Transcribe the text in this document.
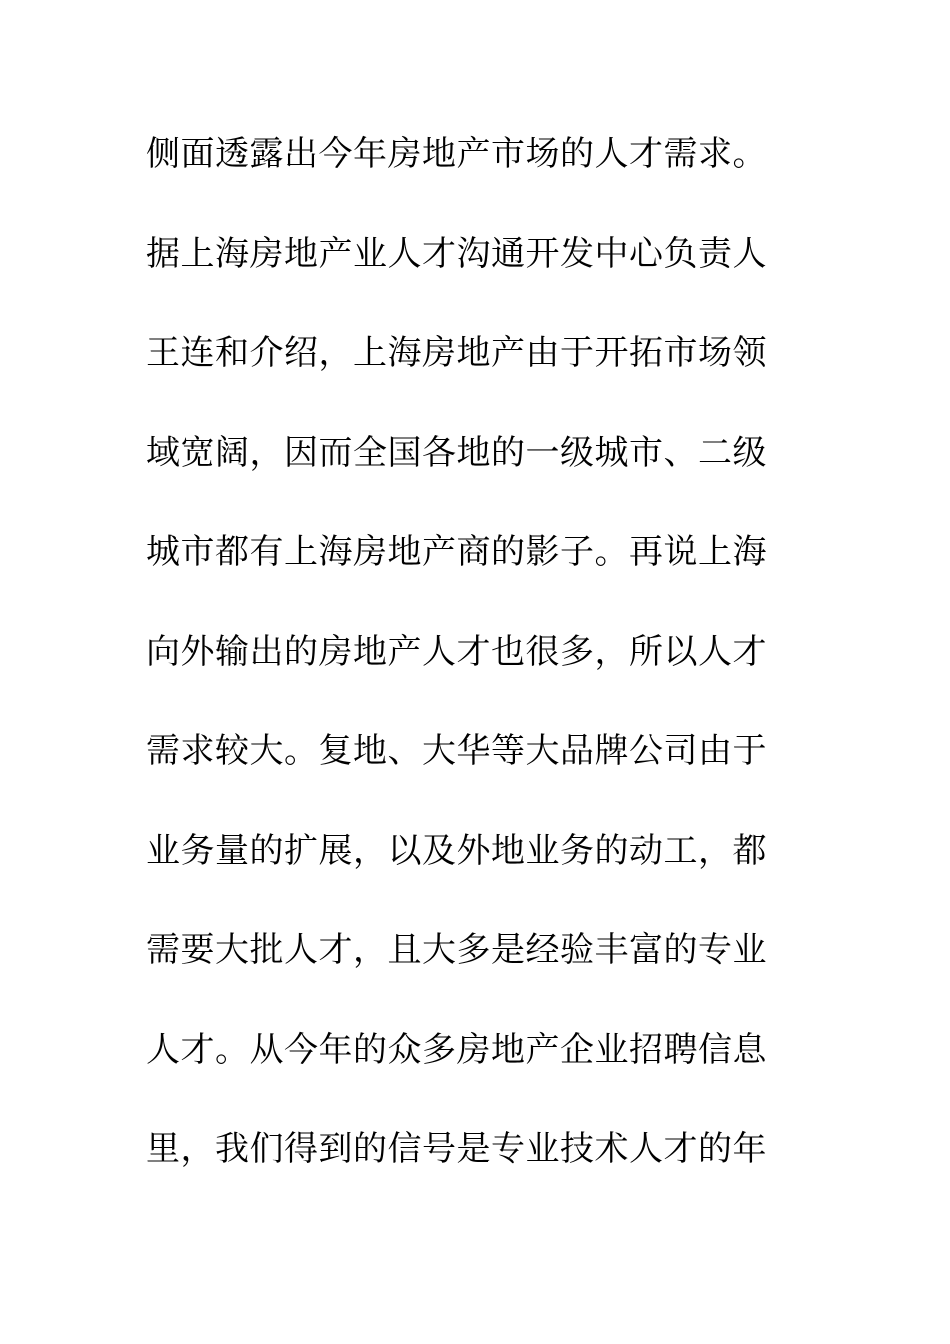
侧面透露出今年房地产市场的人才需求。
据上海房地产业人才沟通开发中心负责人
王连和介绍，上海房地产由于开拓市场领
域宽阔，因而全国各地的一级城市、二级
城市都有上海房地产商的影子。再说上海
向外输出的房地产人才也很多，所以人才
需求较大。复地、大华等大品牌公司由于
业务量的扩展，以及外地业务的动工，都
需要大批人才，且大多是经验丰富的专业
人才。从今年的众多房地产企业招聘信息
里，我们得到的信号是专业技术人才的年
